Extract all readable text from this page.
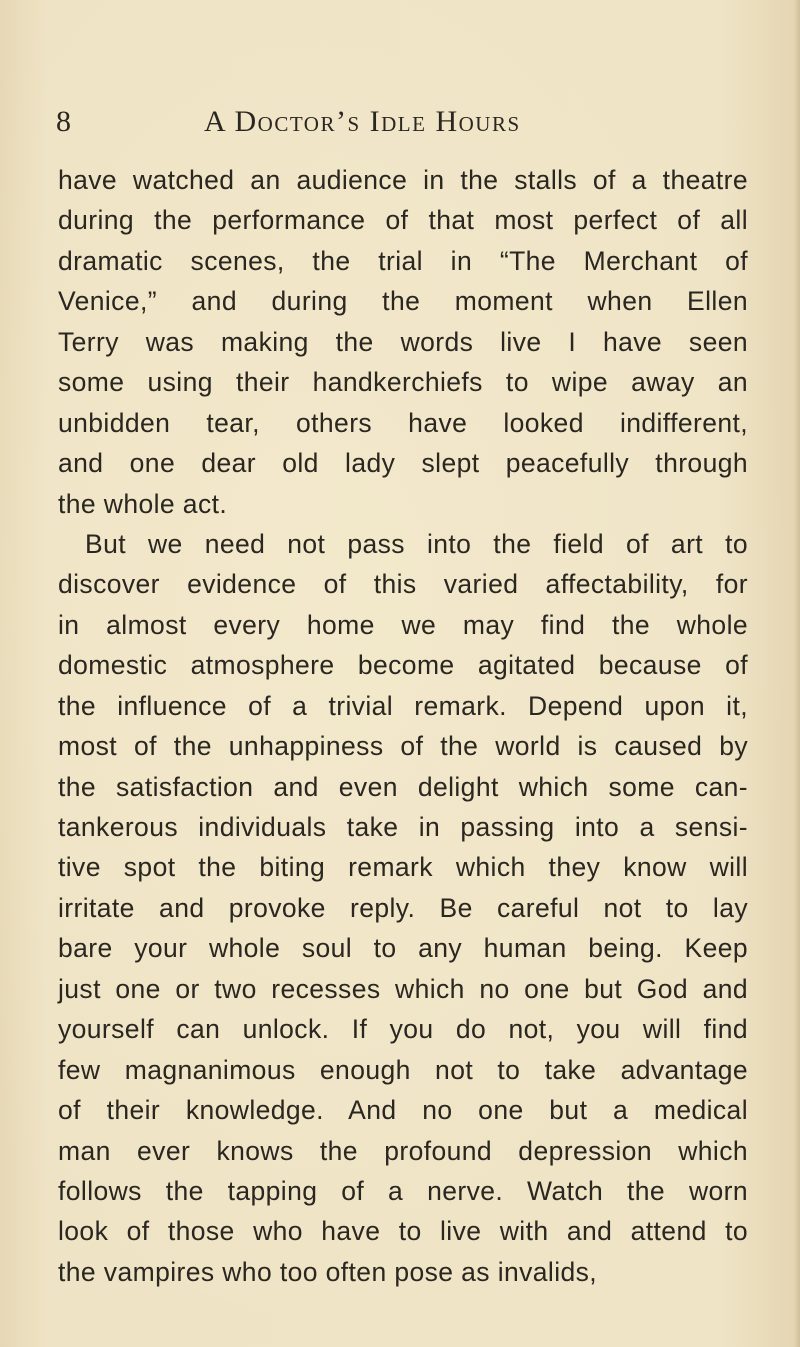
8	A Doctor’s Idle Hours
have watched an audience in the stalls of a theatre
during the performance of that most perfect of all
dramatic scenes, the trial in “The Merchant of
Venice,” and during the moment when Ellen
Terry was making the words live I have seen
some using their handkerchiefs to wipe away an
unbidden tear, others have looked indifferent,
and one dear old lady slept peacefully through
the whole act.
But we need not pass into the field of art to
discover evidence of this varied affectability, for
in almost every home we may find the whole
domestic atmosphere become agitated because of
the influence of a trivial remark. Depend upon it,
most of the unhappiness of the world is caused by
the satisfaction and even delight which some can-
tankerous individuals take in passing into a sensi-
tive spot the biting remark which they know will
irritate and provoke reply. Be careful not to lay
bare your whole soul to any human being. Keep
just one or two recesses which no one but God and
yourself can unlock. If you do not, you will find
few magnanimous enough not to take advantage
of their knowledge. And no one but a medical
man ever knows the profound depression which
follows the tapping of a nerve. Watch the worn
look of those who have to live with and attend to
the vampires who too often pose as invalids,
